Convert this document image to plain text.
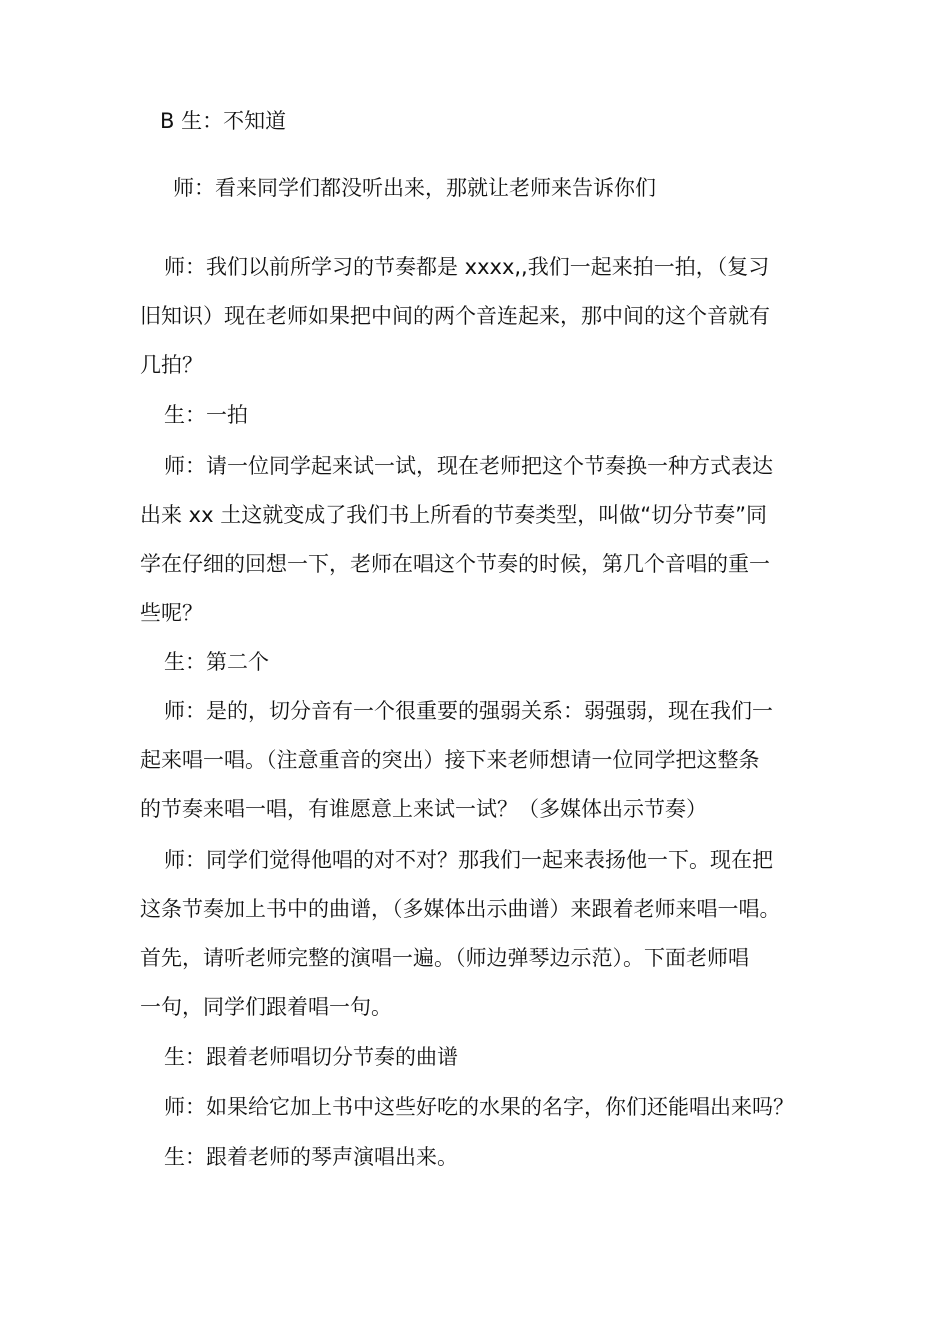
B 生：不知道

师：看来同学们都没听出来，那就让老师来告诉你们

师：我们以前所学习的节奏都是 xxxx,,我们一起来拍一拍，（复习
旧知识）现在老师如果把中间的两个音连起来，那中间的这个音就有
几拍？

生：一拍

师：请一位同学起来试一试，现在老师把这个节奏换一种方式表达
出来 xx 土这就变成了我们书上所看的节奏类型，叫做“切分节奏”同
学在仔细的回想一下，老师在唱这个节奏的时候，第几个音唱的重一
些呢？

生：第二个

师：是的，切分音有一个很重要的强弱关系：弱强弱，现在我们一
起来唱一唱。（注意重音的突出）接下来老师想请一位同学把这整条
的节奏来唱一唱，有谁愿意上来试一试？（多媒体出示节奏）

师：同学们觉得他唱的对不对？那我们一起来表扬他一下。现在把
这条节奏加上书中的曲谱，（多媒体出示曲谱）来跟着老师来唱一唱。
首先，请听老师完整的演唱一遍。（师边弹琴边示范）。下面老师唱
一句，同学们跟着唱一句。

生：跟着老师唱切分节奏的曲谱

师：如果给它加上书中这些好吃的水果的名字，你们还能唱出来吗？

生：跟着老师的琴声演唱出来。
